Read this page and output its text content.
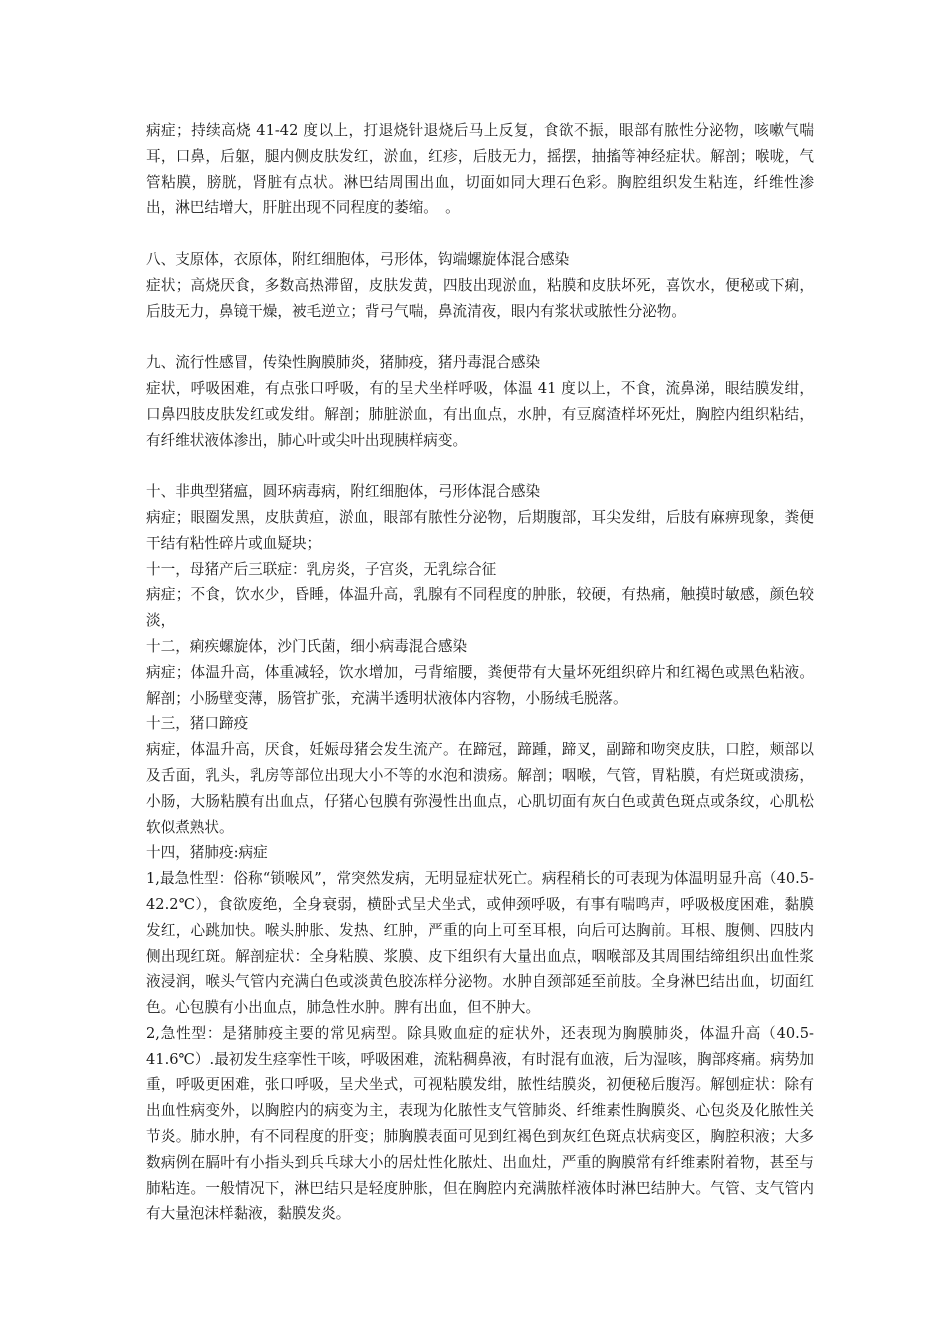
病症；持续高烧 41-42 度以上，打退烧针退烧后马上反复，食欲不振，眼部有脓性分泌物，咳嗽气喘耳，口鼻，后躯，腿内侧皮肤发红，淤血，红疹，后肢无力，摇摆，抽搐等神经症状。解剖；喉咙，气管粘膜，膀胱，肾脏有点状。淋巴结周围出血，切面如同大理石色彩。胸腔组织发生粘连，纤维性渗出，淋巴结增大，肝脏出现不同程度的萎缩。　。

八、支原体，衣原体，附红细胞体，弓形体，钩端螺旋体混合感染

症状；高烧厌食，多数高热滞留，皮肤发黄，四肢出现淤血，粘膜和皮肤坏死，喜饮水，便秘或下痢，后肢无力，鼻镜干燥，被毛逆立；背弓气喘，鼻流清夜，眼内有浆状或脓性分泌物。

九、流行性感冒，传染性胸膜肺炎，猪肺疫，猪丹毒混合感染

症状，呼吸困难，有点张口呼吸，有的呈犬坐样呼吸，体温 41 度以上，不食，流鼻涕，眼结膜发绀，口鼻四肢皮肤发红或发绀。解剖；肺脏淤血，有出血点，水肿，有豆腐渣样坏死灶，胸腔内组织粘结，有纤维状液体渗出，肺心叶或尖叶出现胰样病变。

十、非典型猪瘟，圆环病毒病，附红细胞体，弓形体混合感染

病症；眼圈发黑，皮肤黄疸，淤血，眼部有脓性分泌物，后期腹部，耳尖发绀，后肢有麻痹现象，粪便干结有粘性碎片或血疑块；

十一，母猪产后三联症：乳房炎，子宫炎，无乳综合征

病症；不食，饮水少，昏睡，体温升高，乳腺有不同程度的肿胀，较硬，有热痛，触摸时敏感，颜色较淡，

十二，痢疾螺旋体，沙门氏菌，细小病毒混合感染

病症；体温升高，体重减轻，饮水增加，弓背缩腰，粪便带有大量坏死组织碎片和红褐色或黑色粘液。解剖；小肠壁变薄，肠管扩张，充满半透明状液体内容物，小肠绒毛脱落。

十三，猪口蹄疫

病症，体温升高，厌食，妊娠母猪会发生流产。在蹄冠，蹄踵，蹄叉，副蹄和吻突皮肤，口腔，颊部以及舌面，乳头，乳房等部位出现大小不等的水泡和溃疡。解剖；咽喉，气管，胃粘膜，有烂斑或溃疡，小肠，大肠粘膜有出血点，仔猪心包膜有弥漫性出血点，心肌切面有灰白色或黄色斑点或条纹，心肌松软似煮熟状。

十四，猪肺疫:病症

1,最急性型：俗称“锁喉风”，常突然发病，无明显症状死亡。病程稍长的可表现为体温明显升高（40.5-42.2℃），食欲废绝，全身衰弱，横卧式呈犬坐式，或伸颈呼吸，有事有喘鸣声，呼吸极度困难，黏膜发红，心跳加快。喉头肿胀、发热、红肿，严重的向上可至耳根，向后可达胸前。耳根、腹侧、四肢内侧出现红斑。解剖症状：全身粘膜、浆膜、皮下组织有大量出血点，咽喉部及其周围结缔组织出血性浆液浸润，喉头气管内充满白色或淡黄色胶冻样分泌物。水肿自颈部延至前肢。全身淋巴结出血，切面红色。心包膜有小出血点，肺急性水肿。脾有出血，但不肿大。

2,急性型：是猪肺疫主要的常见病型。除具败血症的症状外，还表现为胸膜肺炎，体温升高（40.5-41.6℃）.最初发生痉挛性干咳，呼吸困难，流粘稠鼻液，有时混有血液，后为湿咳，胸部疼痛。病势加重，呼吸更困难，张口呼吸，呈犬坐式，可视粘膜发绀，脓性结膜炎，初便秘后腹泻。解刨症状：除有出血性病变外，以胸腔内的病变为主，表现为化脓性支气管肺炎、纤维素性胸膜炎、心包炎及化脓性关节炎。肺水肿，有不同程度的肝变；肺胸膜表面可见到红褐色到灰红色斑点状病变区，胸腔积液；大多数病例在膈叶有小指头到兵乓球大小的居灶性化脓灶、出血灶，严重的胸膜常有纤维素附着物，甚至与肺粘连。一般情况下，淋巴结只是轻度肿胀，但在胸腔内充满脓样液体时淋巴结肿大。气管、支气管内有大量泡沫样黏液，黏膜发炎。
